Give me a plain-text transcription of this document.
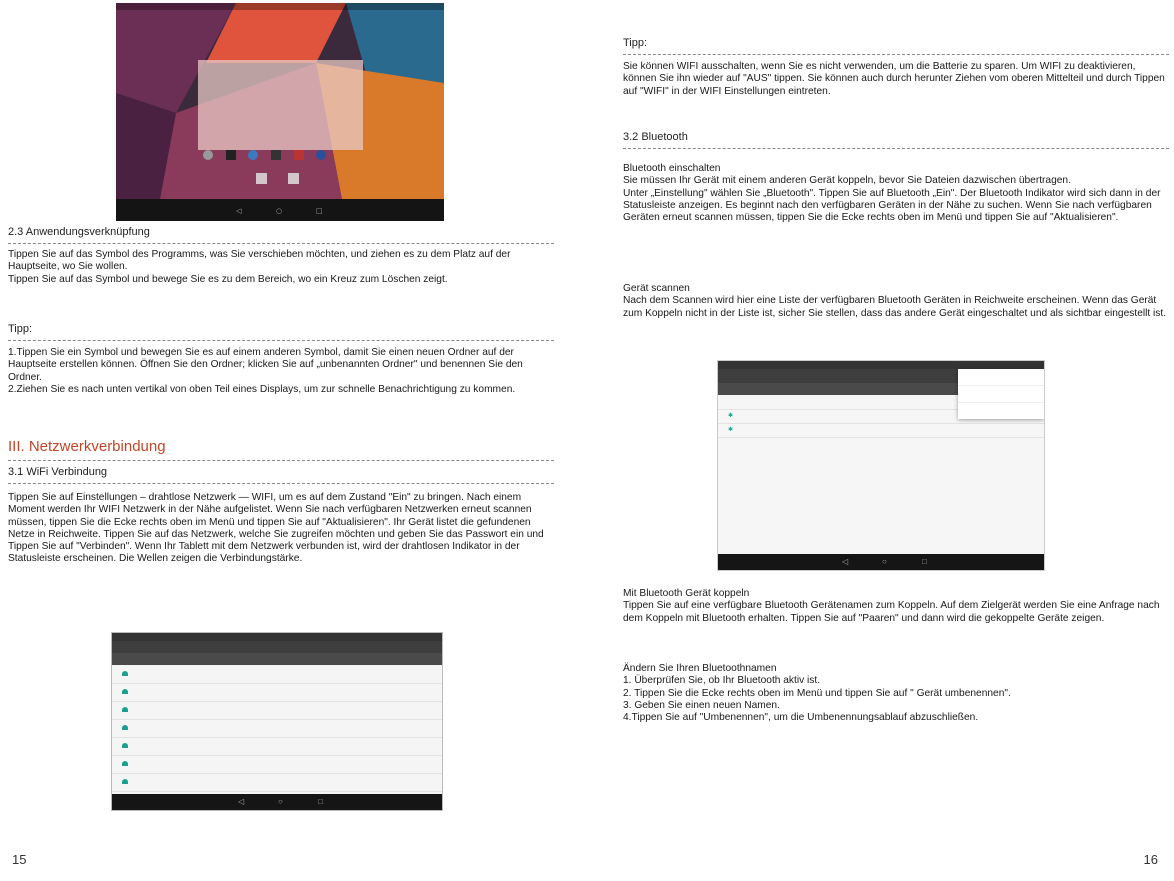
◁	○	□
2.3 Anwendungsverknüpfung

Tippen Sie auf das Symbol des Programms, was Sie verschieben möchten, und ziehen es zu dem Platz auf der Hauptseite, wo Sie wollen.
Tippen Sie auf das Symbol und bewege Sie es zu dem Bereich, wo ein Kreuz zum Löschen zeigt.

Tipp:

1.Tippen Sie ein Symbol und bewegen Sie es auf einem anderen Symbol, damit Sie einen neuen Ordner auf der Hauptseite erstellen können. Öffnen Sie den Ordner; klicken Sie auf „unbenannten Ordner" und benennen Sie den Ordner.
2.Ziehen Sie es nach unten vertikal von oben Teil eines Displays, um zur schnelle Benachrichtigung zu kommen.

III. Netzwerkverbindung
3.1 WiFi Verbindung

Tippen Sie auf Einstellungen – drahtlose Netzwerk — WIFI, um es auf dem Zustand "Ein" zu bringen. Nach einem Moment werden Ihr WIFI Netzwerk in der Nähe aufgelistet. Wenn Sie nach verfügbaren Netzwerken erneut scannen müssen, tippen Sie die Ecke rechts oben im Menü und tippen Sie auf "Aktualisieren". Ihr Gerät listet die gefundenen Netze in Reichweite. Tippen Sie auf das Netzwerk, welche Sie zugreifen möchten und geben Sie das Passwort ein und Tippen Sie auf "Verbinden". Wenn Ihr Tablett mit dem Netzwerk verbunden ist, wird der drahtlosen Indikator in der Statusleiste erscheinen. Die Wellen zeigen die Verbindungstärke.

◁	○	□
15
Tipp:

Sie können WIFI ausschalten, wenn Sie es nicht verwenden, um die Batterie zu sparen. Um WIFI zu deaktivieren, können Sie ihn wieder auf "AUS" tippen. Sie können auch durch herunter Ziehen vom oberen Mittelteil und durch Tippen auf "WIFI" in der WIFI Einstellungen eintreten.

3.2 Bluetooth

Bluetooth einschalten
Sie müssen Ihr Gerät mit einem anderen Gerät koppeln, bevor Sie Dateien dazwischen übertragen.
Unter „Einstellung" wählen Sie „Bluetooth". Tippen Sie auf Bluetooth „Ein". Der Bluetooth Indikator wird sich dann in der Statusleiste anzeigen. Es beginnt nach den verfügbaren Geräten in der Nähe zu suchen. Wenn Sie nach verfügbaren Geräten erneut scannen müssen, tippen Sie die Ecke rechts oben im Menü und tippen Sie auf "Aktualisieren".

Gerät scannen
Nach dem Scannen wird hier eine Liste der verfügbaren Bluetooth Geräten in Reichweite erscheinen. Wenn das Gerät zum Koppeln nicht in der Liste ist, sicher Sie stellen, dass das andere Gerät eingeschaltet und als sichtbar eingestellt ist.

✱
✱
◁	○	□

Mit Bluetooth Gerät koppeln
Tippen Sie auf eine verfügbare Bluetooth Gerätenamen zum Koppeln. Auf dem Zielgerät werden Sie eine Anfrage nach dem Koppeln mit Bluetooth erhalten. Tippen Sie auf "Paaren" und dann wird die gekoppelte Geräte zeigen.

Ändern Sie Ihren Bluetoothnamen
1. Überprüfen Sie, ob Ihr Bluetooth aktiv ist.
2. Tippen Sie die Ecke rechts oben im Menü und tippen Sie auf " Gerät umbenennen".
3. Geben Sie einen neuen Namen.
4.Tippen Sie auf "Umbenennen", um die Umbenennungsablauf abzuschließen.

16
